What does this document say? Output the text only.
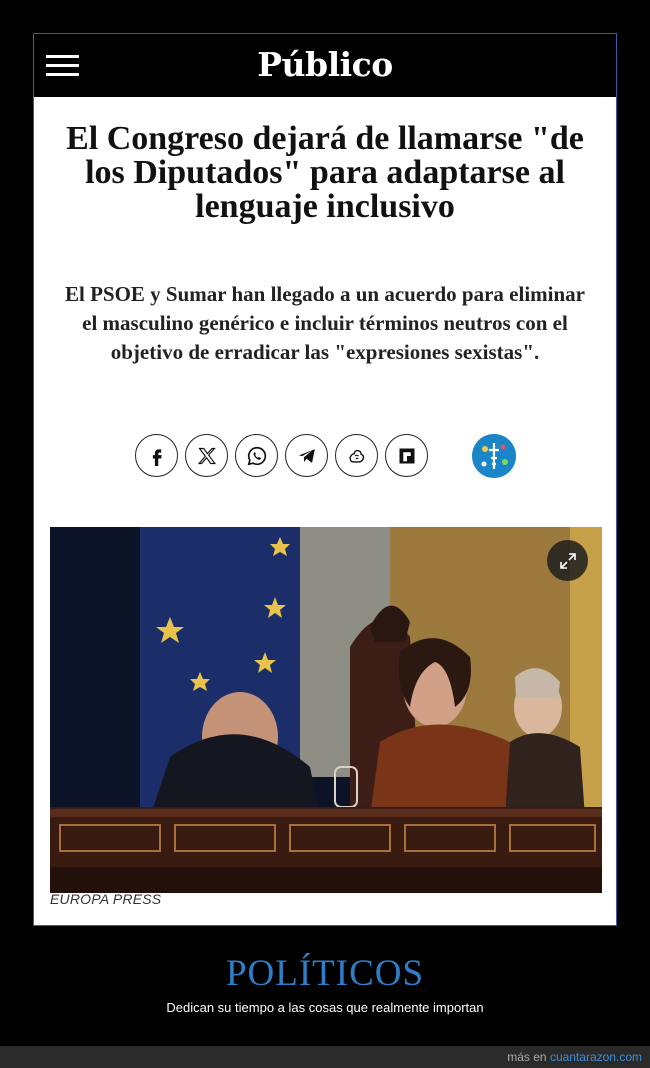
Público
El Congreso dejará de llamarse "de los Diputados" para adaptarse al lenguaje inclusivo

El PSOE y Sumar han llegado a un acuerdo para eliminar el masculino genérico e incluir términos neutros con el objetivo de erradicar las "expresiones sexistas".

EUROPA PRESS
POLÍTICOS
Dedican su tiempo a las cosas que realmente importan
más en cuantarazon.com
